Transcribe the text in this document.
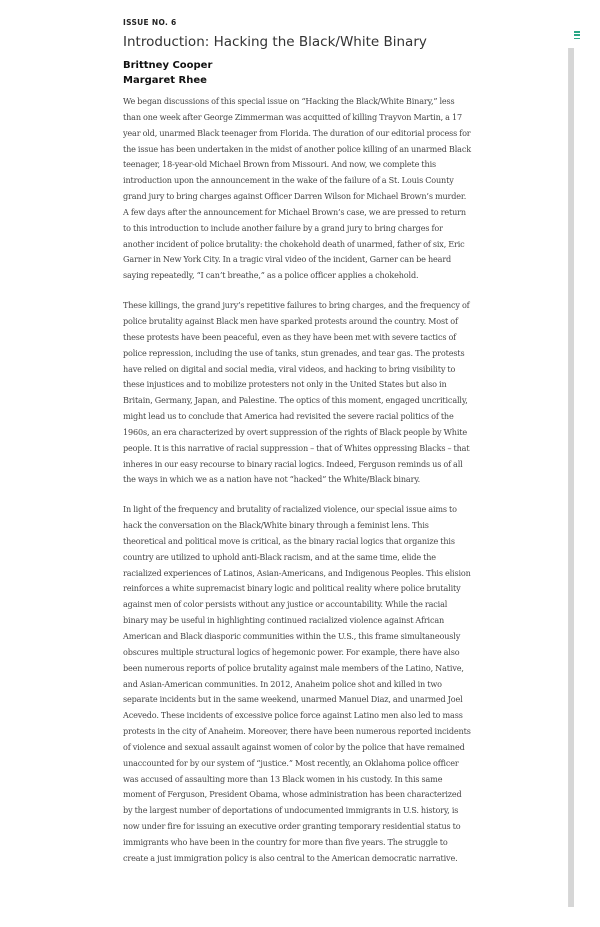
ISSUE NO. 6
Introduction: Hacking the Black/White Binary
Brittney Cooper
Margaret Rhee

We began discussions of this special issue on “Hacking the Black/White Binary,” less than one week after George Zimmerman was acquitted of killing Trayvon Martin, a 17 year old, unarmed Black teenager from Florida. The duration of our editorial process for the issue has been undertaken in the midst of another police killing of an unarmed Black teenager, 18-year-old Michael Brown from Missouri. And now, we complete this introduction upon the announcement in the wake of the failure of a St. Louis County grand jury to bring charges against Officer Darren Wilson for Michael Brown’s murder. A few days after the announcement for Michael Brown’s case, we are pressed to return to this introduction to include another failure by a grand jury to bring charges for another incident of police brutality: the chokehold death of unarmed, father of six, Eric Garner in New York City. In a tragic viral video of the incident, Garner can be heard saying repeatedly, “I can’t breathe,” as a police officer applies a chokehold.

These killings, the grand jury’s repetitive failures to bring charges, and the frequency of police brutality against Black men have sparked protests around the country. Most of these protests have been peaceful, even as they have been met with severe tactics of police repression, including the use of tanks, stun grenades, and tear gas. The protests have relied on digital and social media, viral videos, and hacking to bring visibility to these injustices and to mobilize protesters not only in the United States but also in Britain, Germany, Japan, and Palestine. The optics of this moment, engaged uncritically, might lead us to conclude that America had revisited the severe racial politics of the 1960s, an era characterized by overt suppression of the rights of Black people by White people. It is this narrative of racial suppression – that of Whites oppressing Blacks – that inheres in our easy recourse to binary racial logics. Indeed, Ferguson reminds us of all the ways in which we as a nation have not “hacked” the White/Black binary.

In light of the frequency and brutality of racialized violence, our special issue aims to hack the conversation on the Black/White binary through a feminist lens. This theoretical and political move is critical, as the binary racial logics that organize this country are utilized to uphold anti-Black racism, and at the same time, elide the racialized experiences of Latinos, Asian-Americans, and Indigenous Peoples. This elision reinforces a white supremacist binary logic and political reality where police brutality against men of color persists without any justice or accountability. While the racial binary may be useful in highlighting continued racialized violence against African American and Black diasporic communities within the U.S., this frame simultaneously obscures multiple structural logics of hegemonic power. For example, there have also been numerous reports of police brutality against male members of the Latino, Native, and Asian-American communities. In 2012, Anaheim police shot and killed in two separate incidents but in the same weekend, unarmed Manuel Diaz, and unarmed Joel Acevedo. These incidents of excessive police force against Latino men also led to mass protests in the city of Anaheim. Moreover, there have been numerous reported incidents of violence and sexual assault against women of color by the police that have remained unaccounted for by our system of “justice.” Most recently, an Oklahoma police officer was accused of assaulting more than 13 Black women in his custody. In this same moment of Ferguson, President Obama, whose administration has been characterized by the largest number of deportations of undocumented immigrants in U.S. history, is now under fire for issuing an executive order granting temporary residential status to immigrants who have been in the country for more than five years. The struggle to create a just immigration policy is also central to the American democratic narrative.
